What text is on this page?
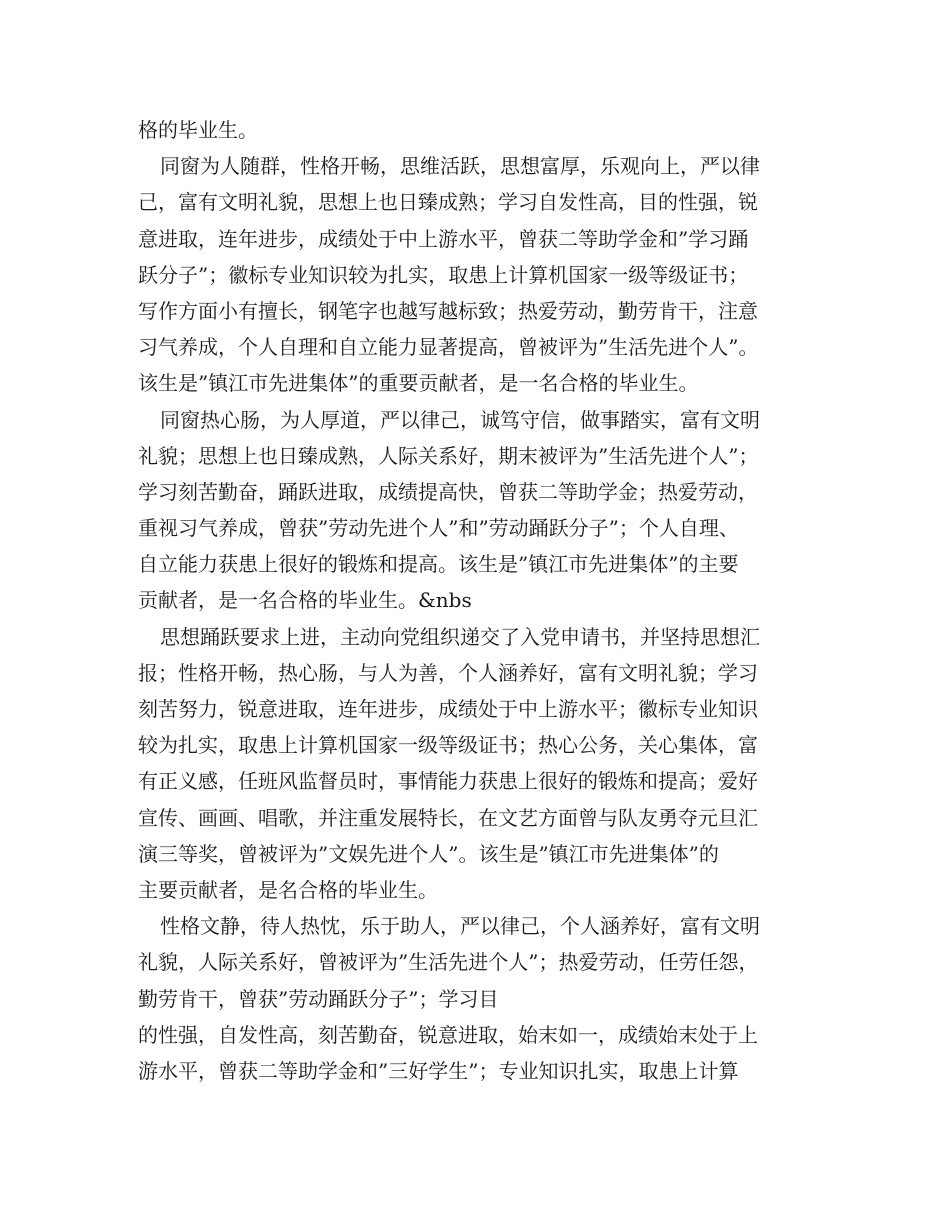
格的毕业生。

同窗为人随群，性格开畅，思维活跃，思想富厚，乐观向上，严以律

己，富有文明礼貌，思想上也日臻成熟；学习自发性高，目的性强，锐

意进取，连年进步，成绩处于中上游水平，曾获二等助学金和”学习踊

跃分子”；徽标专业知识较为扎实，取患上计算机国家一级等级证书；

写作方面小有擅长，钢笔字也越写越标致；热爱劳动，勤劳肯干，注意

习气养成，个人自理和自立能力显著提高，曾被评为”生活先进个人”。

该生是”镇江市先进集体”的重要贡献者，是一名合格的毕业生。

同窗热心肠，为人厚道，严以律己，诚笃守信，做事踏实，富有文明

礼貌；思想上也日臻成熟，人际关系好，期末被评为”生活先进个人”；

学习刻苦勤奋，踊跃进取，成绩提高快，曾获二等助学金；热爱劳动，

重视习气养成，曾获”劳动先进个人”和”劳动踊跃分子”；个人自理、

自立能力获患上很好的锻炼和提高。该生是”镇江市先进集体”的主要

贡献者，是一名合格的毕业生。&nbs

思想踊跃要求上进，主动向党组织递交了入党申请书，并坚持思想汇

报；性格开畅，热心肠，与人为善，个人涵养好，富有文明礼貌；学习

刻苦努力，锐意进取，连年进步，成绩处于中上游水平；徽标专业知识

较为扎实，取患上计算机国家一级等级证书；热心公务，关心集体，富

有正义感，任班风监督员时，事情能力获患上很好的锻炼和提高；爱好

宣传、画画、唱歌，并注重发展特长，在文艺方面曾与队友勇夺元旦汇

演三等奖，曾被评为”文娱先进个人”。该生是”镇江市先进集体”的

主要贡献者，是名合格的毕业生。

性格文静，待人热忱，乐于助人，严以律己，个人涵养好，富有文明

礼貌，人际关系好，曾被评为”生活先进个人”；热爱劳动，任劳任怨，

勤劳肯干，曾获”劳动踊跃分子”；学习目

的性强，自发性高，刻苦勤奋，锐意进取，始末如一，成绩始末处于上

游水平，曾获二等助学金和”三好学生”；专业知识扎实，取患上计算
